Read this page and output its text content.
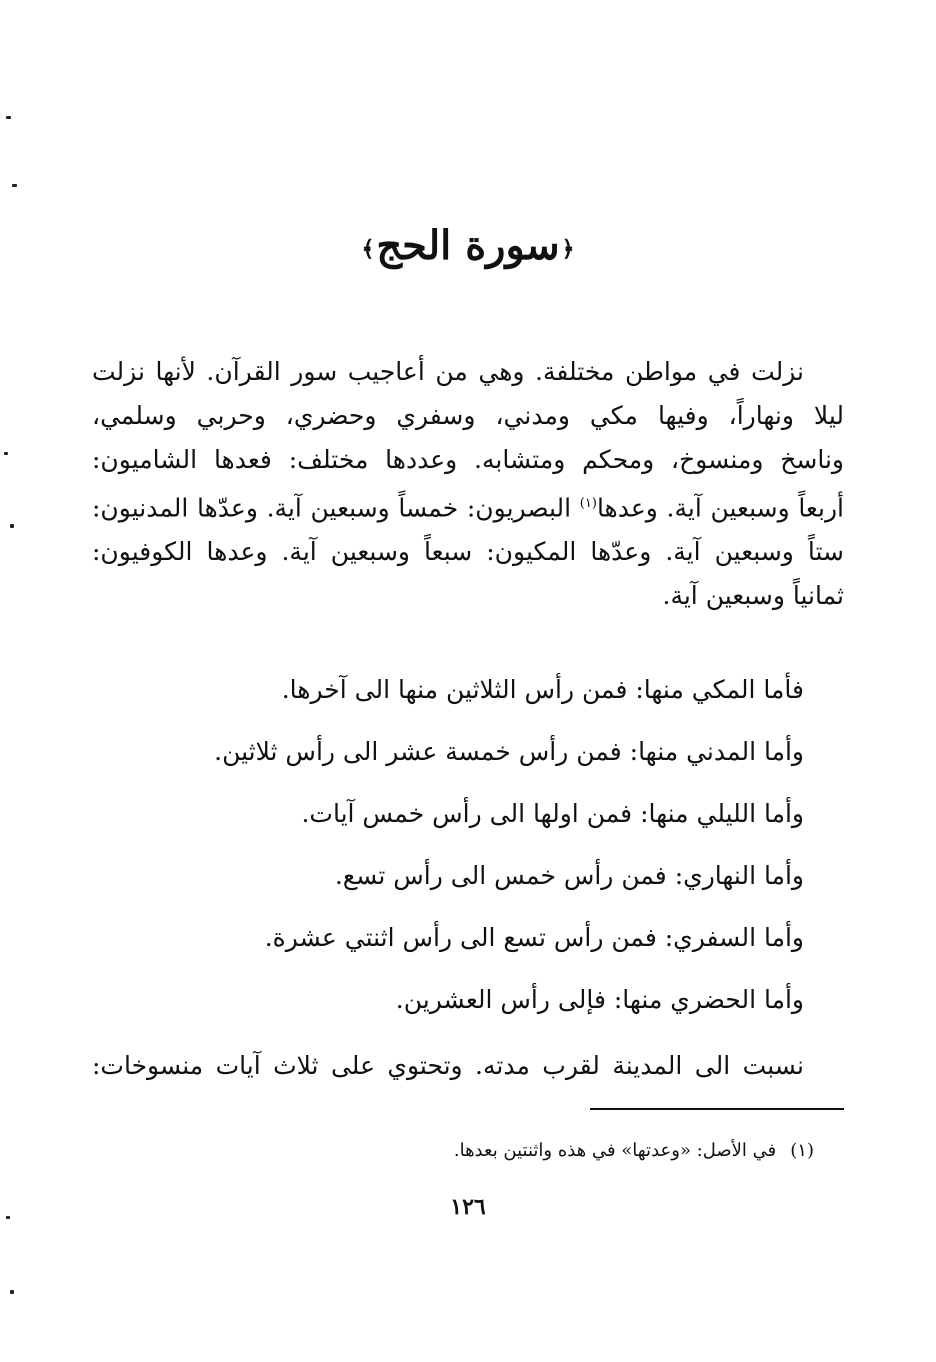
﴿سورة الحج﴾
نزلت في مواطن مختلفة. وهي من أعاجيب سور القرآن. لأنها نزلت
ليلا ونهاراً، وفيها مكي ومدني، وسفري وحضري، وحربي وسلمي،
وناسخ ومنسوخ، ومحكم ومتشابه. وعددها مختلف: فعدها الشاميون:
أربعاً وسبعين آية. وعدها$^{(١)}$ البصريون: خمساً وسبعين آية. وعدّها المدنيون:
ستاً وسبعين آية. وعدّها المكيون: سبعاً وسبعين آية. وعدها الكوفيون:
ثمانياً وسبعين آية.
فأما المكي منها: فمن رأس الثلاثين منها الى آخرها.
وأما المدني منها: فمن رأس خمسة عشر الى رأس ثلاثين.
وأما الليلي منها: فمن اولها الى رأس خمس آيات.
وأما النهاري: فمن رأس خمس الى رأس تسع.
وأما السفري: فمن رأس تسع الى رأس اثنتي عشرة.
وأما الحضري منها: فإلى رأس العشرين.
نسبت الى المدينة لقرب مدته. وتحتوي على ثلاث آيات منسوخات:
(١)في الأصل: «وعدتها» في هذه واثنتين بعدها.
١٢٦
